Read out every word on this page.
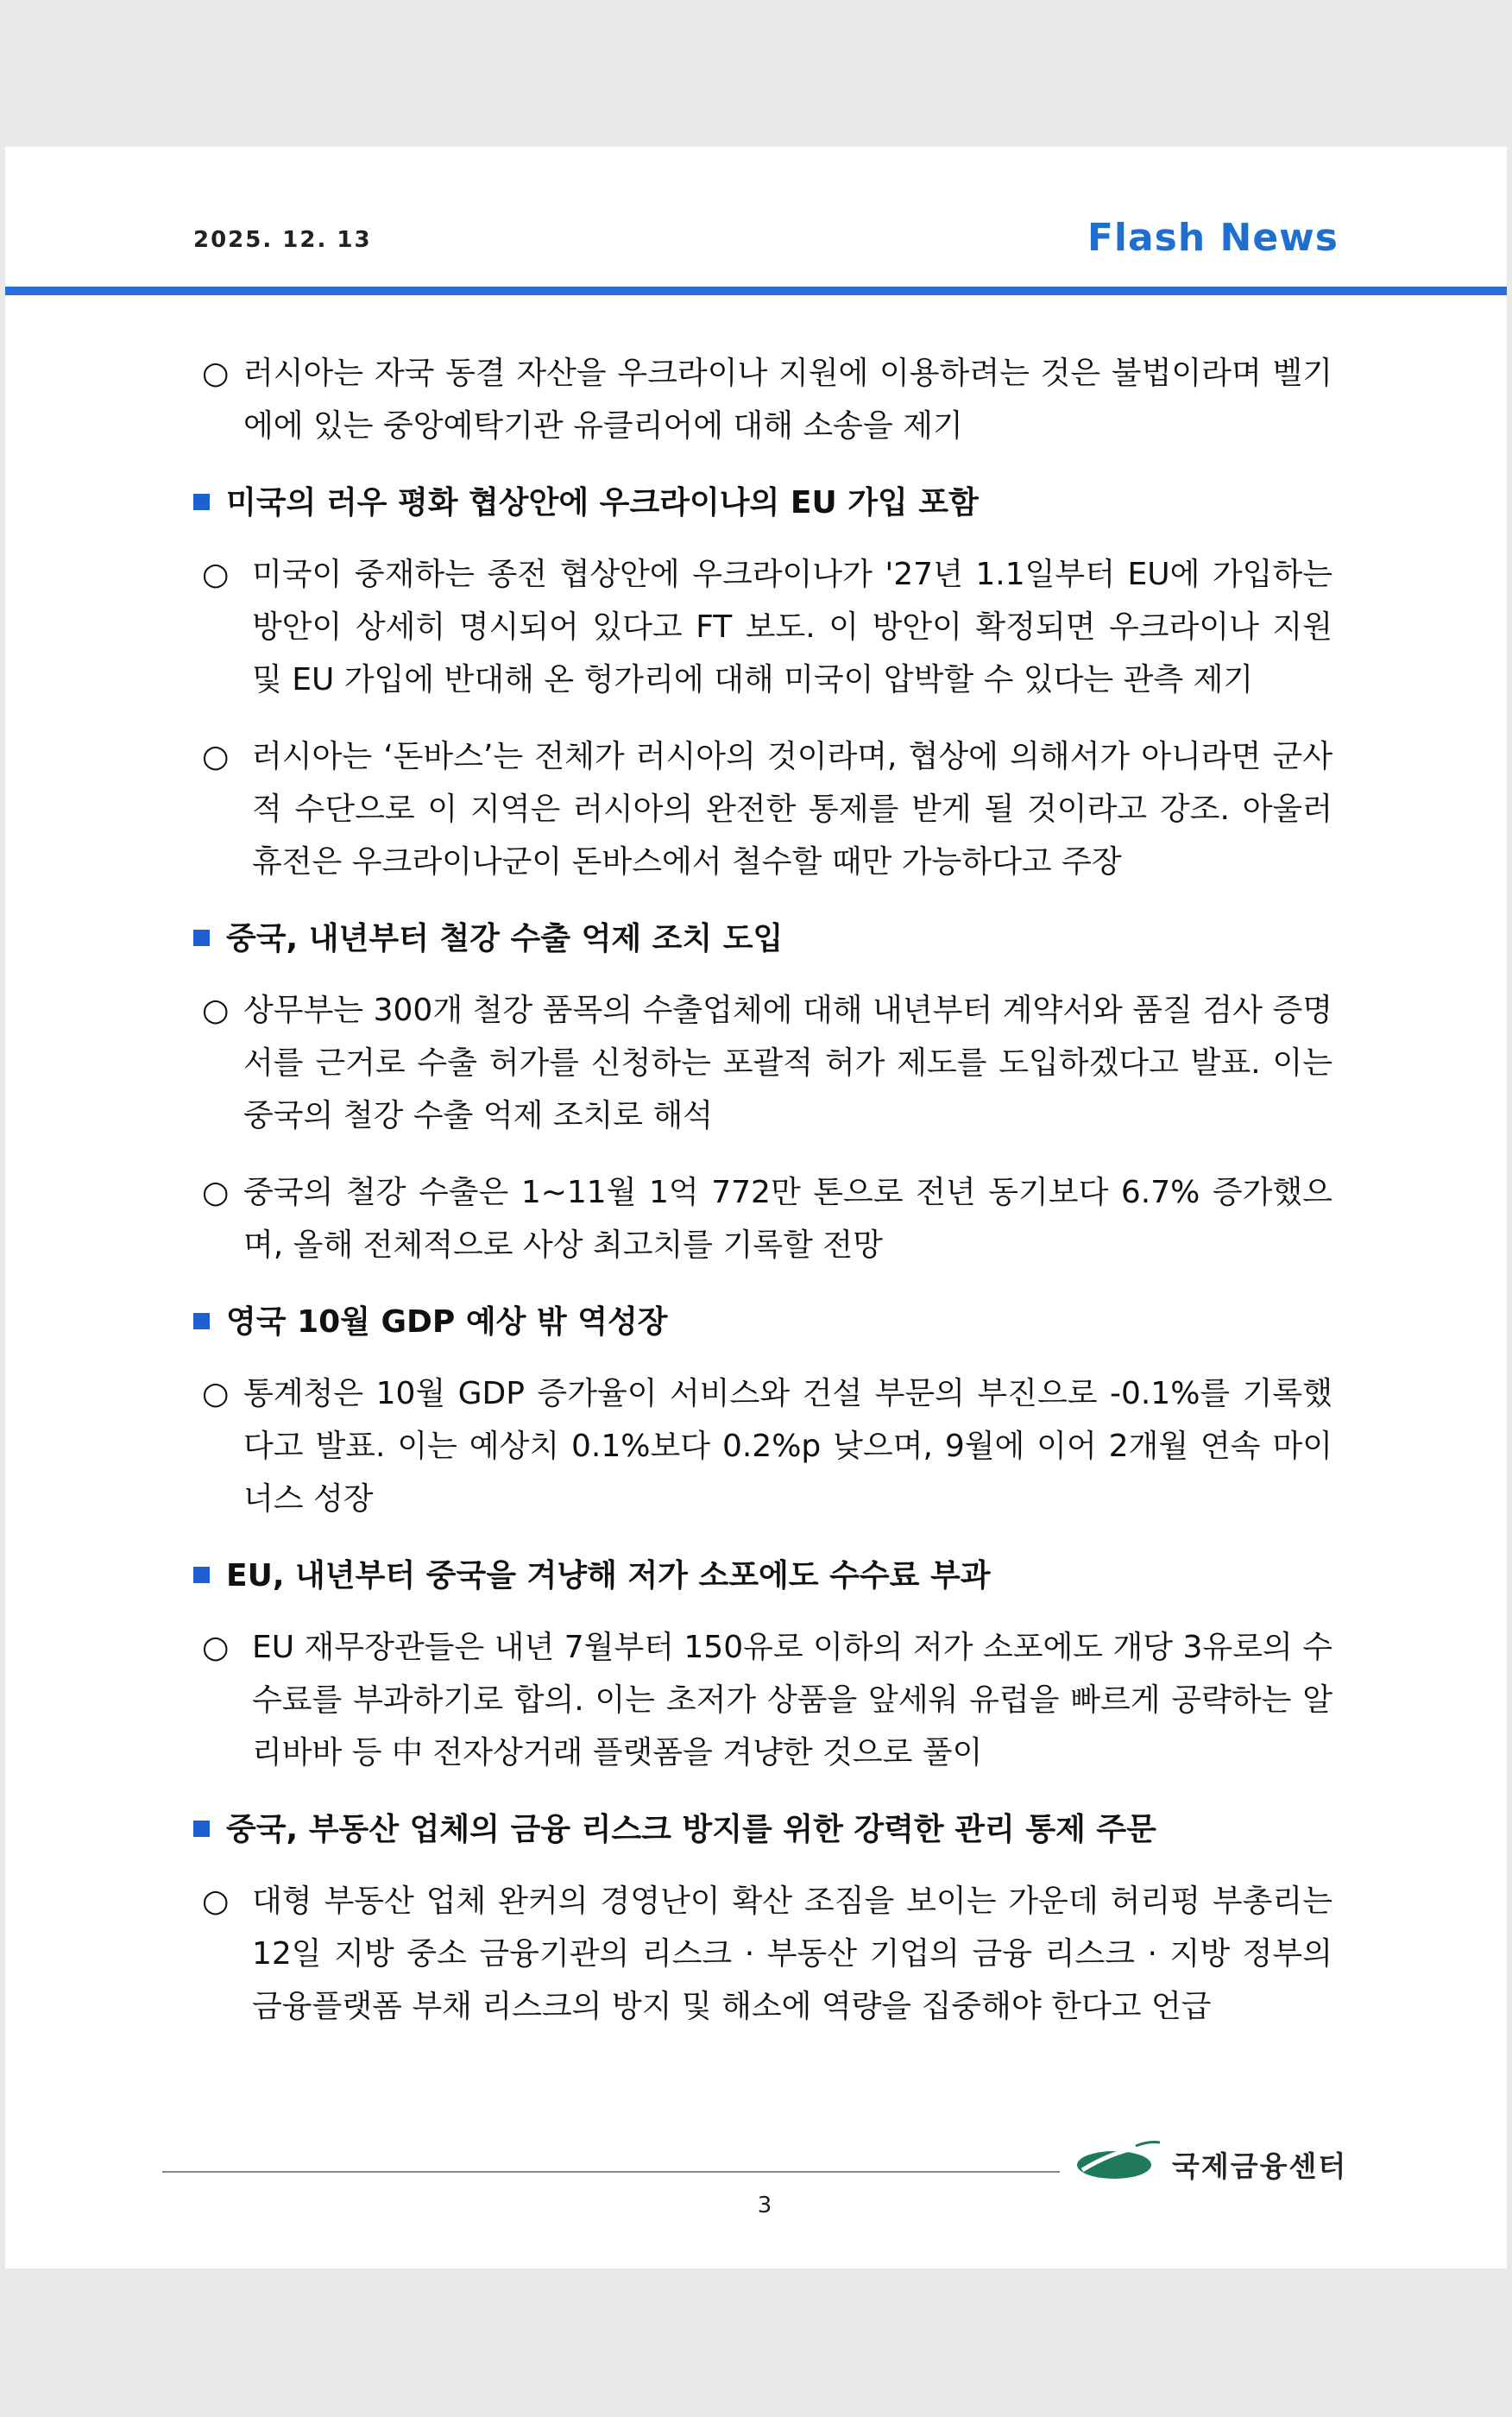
2025. 12. 13	Flash News
○ 러시아는 자국 동결 자산을 우크라이나 지원에 이용하려는 것은 불법이라며 벨기에에 있는 중앙예탁기관 유클리어에 대해 소송을 제기
미국의 러우 평화 협상안에 우크라이나의 EU 가입 포함
○ 미국이 중재하는 종전 협상안에 우크라이나가 '27년 1.1일부터 EU에 가입하는 방안이 상세히 명시되어 있다고 FT 보도. 이 방안이 확정되면 우크라이나 지원 및 EU 가입에 반대해 온 헝가리에 대해 미국이 압박할 수 있다는 관측 제기
○ 러시아는 ‘돈바스’는 전체가 러시아의 것이라며, 협상에 의해서가 아니라면 군사적 수단으로 이 지역은 러시아의 완전한 통제를 받게 될 것이라고 강조. 아울러 휴전은 우크라이나군이 돈바스에서 철수할 때만 가능하다고 주장
중국, 내년부터 철강 수출 억제 조치 도입
○ 상무부는 300개 철강 품목의 수출업체에 대해 내년부터 계약서와 품질 검사 증명서를 근거로 수출 허가를 신청하는 포괄적 허가 제도를 도입하겠다고 발표. 이는 중국의 철강 수출 억제 조치로 해석
○ 중국의 철강 수출은 1~11월 1억 772만 톤으로 전년 동기보다 6.7% 증가했으며, 올해 전체적으로 사상 최고치를 기록할 전망
영국 10월 GDP 예상 밖 역성장
○ 통계청은 10월 GDP 증가율이 서비스와 건설 부문의 부진으로 -0.1%를 기록했다고 발표. 이는 예상치 0.1%보다 0.2%p 낮으며, 9월에 이어 2개월 연속 마이너스 성장
EU, 내년부터 중국을 겨냥해 저가 소포에도 수수료 부과
○ EU 재무장관들은 내년 7월부터 150유로 이하의 저가 소포에도 개당 3유로의 수수료를 부과하기로 합의. 이는 초저가 상품을 앞세워 유럽을 빠르게 공략하는 알리바바 등 中 전자상거래 플랫폼을 겨냥한 것으로 풀이
중국, 부동산 업체의 금융 리스크 방지를 위한 강력한 관리 통제 주문
○ 대형 부동산 업체 완커의 경영난이 확산 조짐을 보이는 가운데 허리펑 부총리는 12일 지방 중소 금융기관의 리스크 · 부동산 기업의 금융 리스크 · 지방 정부의 금융플랫폼 부채 리스크의 방지 및 해소에 역량을 집중해야 한다고 언급
국제금융센터
3
